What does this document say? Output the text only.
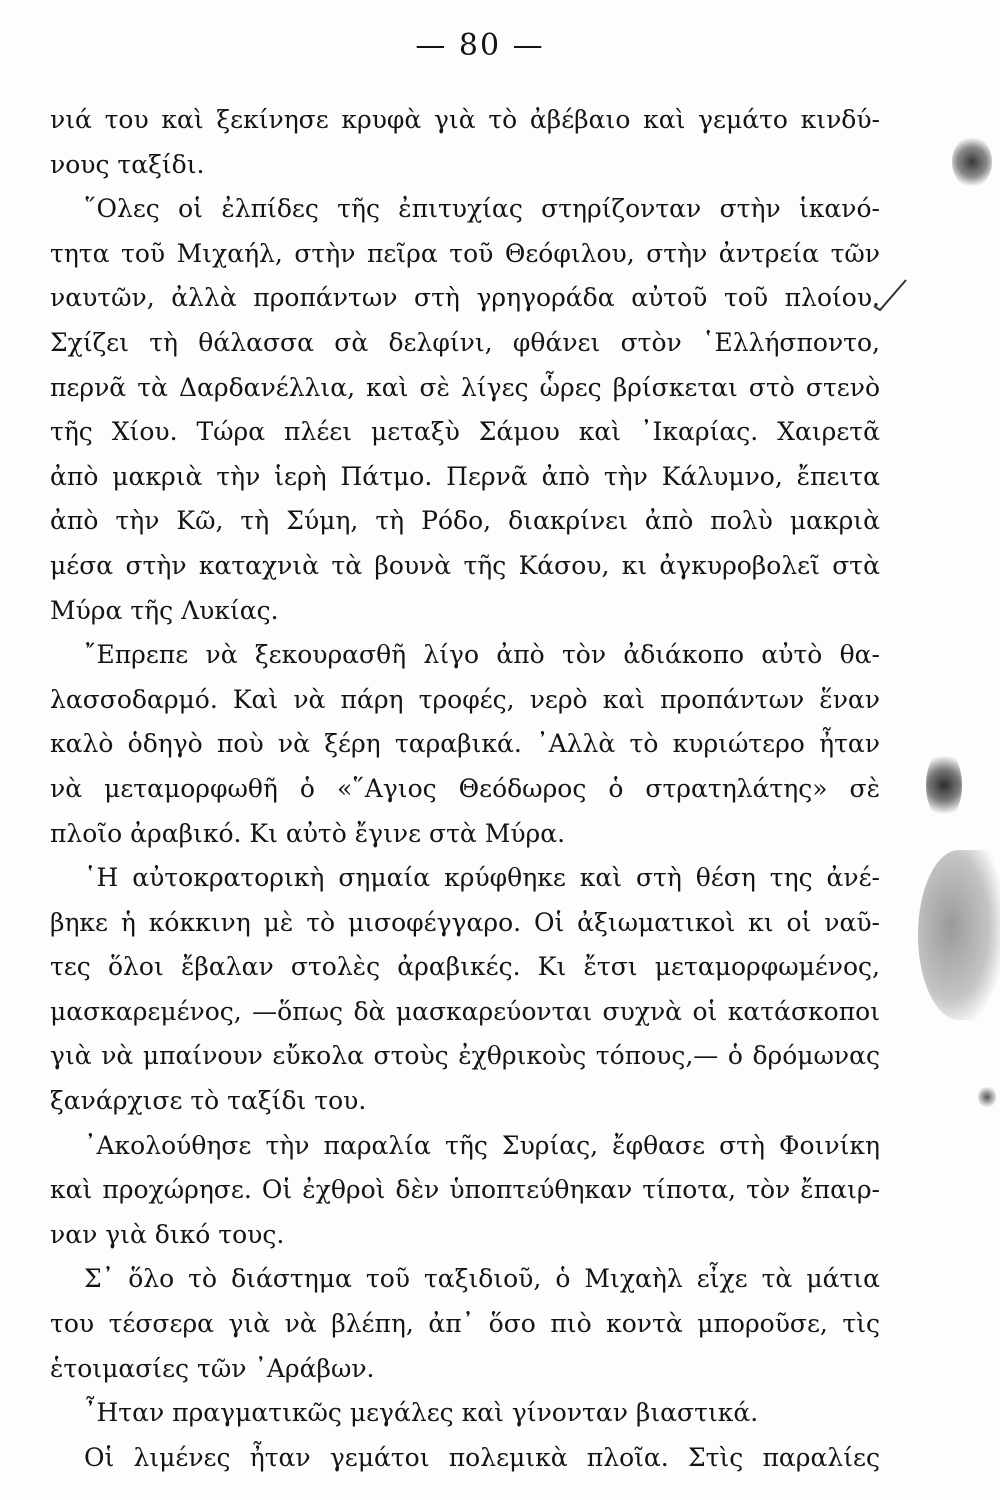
— 80 —
νιά του καὶ ξεκίνησε κρυφὰ γιὰ τὸ ἀβέβαιο καὶ γεμάτο κινδύ-
νους ταξίδι.
῞Ολες οἱ ἐλπίδες τῆς ἐπιτυχίας στηρίζονταν στὴν ἱκανό-
τητα τοῦ Μιχαήλ, στὴν πεῖρα τοῦ Θεόφιλου, στὴν ἀντρεία τῶν
ναυτῶν, ἀλλὰ προπάντων στὴ γρηγοράδα αὐτοῦ τοῦ πλοίου.
Σχίζει τὴ θάλασσα σὰ δελφίνι, φθάνει στὸν ῾Ελλήσποντο,
περνᾶ τὰ Δαρδανέλλια, καὶ σὲ λίγες ὧρες βρίσκεται στὸ στενὸ
τῆς Χίου. Τώρα πλέει μεταξὺ Σάμου καὶ ᾿Ικαρίας. Χαιρετᾶ
ἀπὸ μακριὰ τὴν ἱερὴ Πάτμο. Περνᾶ ἀπὸ τὴν Κάλυμνο, ἔπειτα
ἀπὸ τὴν Κῶ, τὴ Σύμη, τὴ Ρόδο, διακρίνει ἀπὸ πολὺ μακριὰ
μέσα στὴν καταχνιὰ τὰ βουνὰ τῆς Κάσου, κι ἀγκυροβολεῖ στὰ
Μύρα τῆς Λυκίας.
῎Επρεπε νὰ ξεκουρασθῆ λίγο ἀπὸ τὸν ἀδιάκοπο αὐτὸ θα-
λασσοδαρμό. Καὶ νὰ πάρη τροφές, νερὸ καὶ προπάντων ἕναν
καλὸ ὁδηγὸ ποὺ νὰ ξέρη ταραβικά. ᾿Αλλὰ τὸ κυριώτερο ἦταν
νὰ μεταμορφωθῆ ὁ «῞Αγιος Θεόδωρος ὁ στρατηλάτης» σὲ
πλοῖο ἀραβικό. Κι αὐτὸ ἔγινε στὰ Μύρα.
῾Η αὐτοκρατορικὴ σημαία κρύφθηκε καὶ στὴ θέση της ἀνέ-
βηκε ἡ κόκκινη μὲ τὸ μισοφέγγαρο. Οἱ ἀξιωματικοὶ κι οἱ ναῦ-
τες ὅλοι ἔβαλαν στολὲς ἀραβικές. Κι ἔτσι μεταμορφωμένος,
μασκαρεμένος, —ὅπως δὰ μασκαρεύονται συχνὰ οἱ κατάσκοποι
γιὰ νὰ μπαίνουν εὔκολα στοὺς ἐχθρικοὺς τόπους,— ὁ δρόμωνας
ξανάρχισε τὸ ταξίδι του.
᾿Ακολούθησε τὴν παραλία τῆς Συρίας, ἔφθασε στὴ Φοινίκη
καὶ προχώρησε. Οἱ ἐχθροὶ δὲν ὑποπτεύθηκαν τίποτα, τὸν ἔπαιρ-
ναν γιὰ δικό τους.
Σ᾿ ὅλο τὸ διάστημα τοῦ ταξιδιοῦ, ὁ Μιχαὴλ εἶχε τὰ μάτια
του τέσσερα γιὰ νὰ βλέπη, ἀπ᾿ ὅσο πιὸ κοντὰ μποροῦσε, τὶς
ἑτοιμασίες τῶν ᾿Αράβων.
῏Ηταν πραγματικῶς μεγάλες καὶ γίνονταν βιαστικά.
Οἱ λιμένες ἦταν γεμάτοι πολεμικὰ πλοῖα. Στὶς παραλίες
